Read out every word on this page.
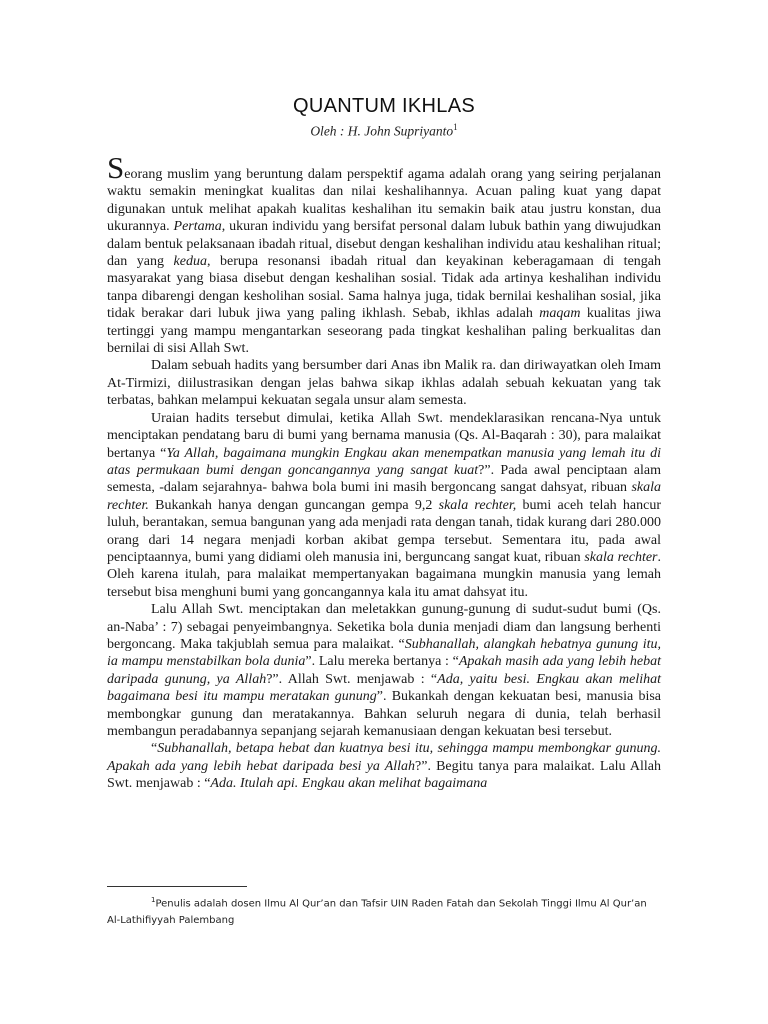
QUANTUM IKHLAS
Oleh : H. John Supriyanto$^1$

Seorang muslim yang beruntung dalam perspektif agama adalah orang yang seiring perjalanan waktu semakin meningkat kualitas dan nilai keshalihannya. Acuan paling kuat yang dapat digunakan untuk melihat apakah kualitas keshalihan itu semakin baik atau justru konstan, dua ukurannya. Pertama, ukuran individu yang bersifat personal dalam lubuk bathin yang diwujudkan dalam bentuk pelaksanaan ibadah ritual, disebut dengan keshalihan individu atau keshalihan ritual; dan yang kedua, berupa resonansi ibadah ritual dan keyakinan keberagamaan di tengah masyarakat yang biasa disebut dengan keshalihan sosial. Tidak ada artinya keshalihan individu tanpa dibarengi dengan kesholihan sosial. Sama halnya juga, tidak bernilai keshalihan sosial, jika tidak berakar dari lubuk jiwa yang paling ikhlash. Sebab, ikhlas adalah maqam kualitas jiwa tertinggi yang mampu mengantarkan seseorang pada tingkat keshalihan paling berkualitas dan bernilai di sisi Allah Swt.

Dalam sebuah hadits yang bersumber dari Anas ibn Malik ra. dan diriwayatkan oleh Imam At-Tirmizi, diilustrasikan dengan jelas bahwa sikap ikhlas adalah sebuah kekuatan yang tak terbatas, bahkan melampui kekuatan segala unsur alam semesta.

Uraian hadits tersebut dimulai, ketika Allah Swt. mendeklarasikan rencana-Nya untuk menciptakan pendatang baru di bumi yang bernama manusia (Qs. Al-Baqarah : 30), para malaikat bertanya “Ya Allah, bagaimana mungkin Engkau akan menempatkan manusia yang lemah itu di atas permukaan bumi dengan goncangannya yang sangat kuat?”. Pada awal penciptaan alam semesta, -dalam sejarahnya- bahwa bola bumi ini masih bergoncang sangat dahsyat, ribuan skala rechter. Bukankah hanya dengan guncangan gempa 9,2 skala rechter, bumi aceh telah hancur luluh, berantakan, semua bangunan yang ada menjadi rata dengan tanah, tidak kurang dari 280.000 orang dari 14 negara menjadi korban akibat gempa tersebut. Sementara itu, pada awal penciptaannya, bumi yang didiami oleh manusia ini, berguncang sangat kuat, ribuan skala rechter. Oleh karena itulah, para malaikat mempertanyakan bagaimana mungkin manusia yang lemah tersebut bisa menghuni bumi yang goncangannya kala itu amat dahsyat itu.

Lalu Allah Swt. menciptakan dan meletakkan gunung-gunung di sudut-sudut bumi (Qs. an-Naba’ : 7) sebagai penyeimbangnya. Seketika bola dunia menjadi diam dan langsung berhenti bergoncang. Maka takjublah semua para malaikat. “Subhanallah, alangkah hebatnya gunung itu, ia mampu menstabilkan bola dunia”. Lalu mereka bertanya : “Apakah masih ada yang lebih hebat daripada gunung, ya Allah?”. Allah Swt. menjawab : “Ada, yaitu besi. Engkau akan melihat bagaimana besi itu mampu meratakan gunung”. Bukankah dengan kekuatan besi, manusia bisa membongkar gunung dan meratakannya. Bahkan seluruh negara di dunia, telah berhasil membangun peradabannya sepanjang sejarah kemanusiaan dengan kekuatan besi tersebut.

“Subhanallah, betapa hebat dan kuatnya besi itu, sehingga mampu membongkar gunung. Apakah ada yang lebih hebat daripada besi ya Allah?”. Begitu tanya para malaikat. Lalu Allah Swt. menjawab : “Ada. Itulah api. Engkau akan melihat bagaimana

$^1$Penulis adalah dosen Ilmu Al Qur’an dan Tafsir UIN Raden Fatah dan Sekolah Tinggi Ilmu Al Qur’an
Al-Lathifiyyah Palembang
